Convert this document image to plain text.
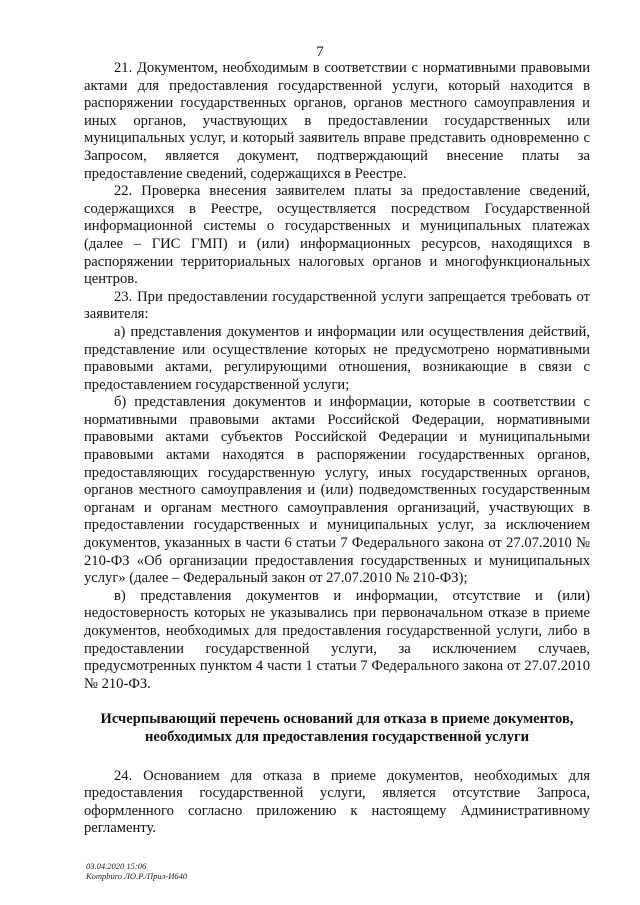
7

21. Документом, необходимым в соответствии с нормативными правовыми актами для предоставления государственной услуги, который находится в распоряжении государственных органов, органов местного самоуправления и иных органов, участвующих в предоставлении государственных или муниципальных услуг, и который заявитель вправе представить одновременно с Запросом, является документ, подтверждающий внесение платы за предоставление сведений, содержащихся в Реестре.

22. Проверка внесения заявителем платы за предоставление сведений, содержащихся в Реестре, осуществляется посредством Государственной информационной системы о государственных и муниципальных платежах (далее – ГИС ГМП) и (или) информационных ресурсов, находящихся в распоряжении территориальных налоговых органов и многофункциональных центров.

23. При предоставлении государственной услуги запрещается требовать от заявителя:

а) представления документов и информации или осуществления действий, представление или осуществление которых не предусмотрено нормативными правовыми актами, регулирующими отношения, возникающие в связи с предоставлением государственной услуги;

б) представления документов и информации, которые в соответствии с нормативными правовыми актами Российской Федерации, нормативными правовыми актами субъектов Российской Федерации и муниципальными правовыми актами находятся в распоряжении государственных органов, предоставляющих государственную услугу, иных государственных органов, органов местного самоуправления и (или) подведомственных государственным органам и органам местного самоуправления организаций, участвующих в предоставлении государственных и муниципальных услуг, за исключением документов, указанных в части 6 статьи 7 Федерального закона от 27.07.2010 № 210-ФЗ «Об организации предоставления государственных и муниципальных услуг» (далее – Федеральный закон от 27.07.2010 № 210-ФЗ);

в) представления документов и информации, отсутствие и (или) недостоверность которых не указывались при первоначальном отказе в приеме документов, необходимых для предоставления государственной услуги, либо в предоставлении государственной услуги, за исключением случаев, предусмотренных пунктом 4 части 1 статьи 7 Федерального закона от 27.07.2010 № 210-ФЗ.

Исчерпывающий перечень оснований для отказа в приеме документов, необходимых для предоставления государственной услуги

24. Основанием для отказа в приеме документов, необходимых для предоставления государственной услуги, является отсутствие Запроса, оформленного согласно приложению к настоящему Административному регламенту.

03.04.2020 15:06
Kompburo ЛО.Р./Прил-И640
